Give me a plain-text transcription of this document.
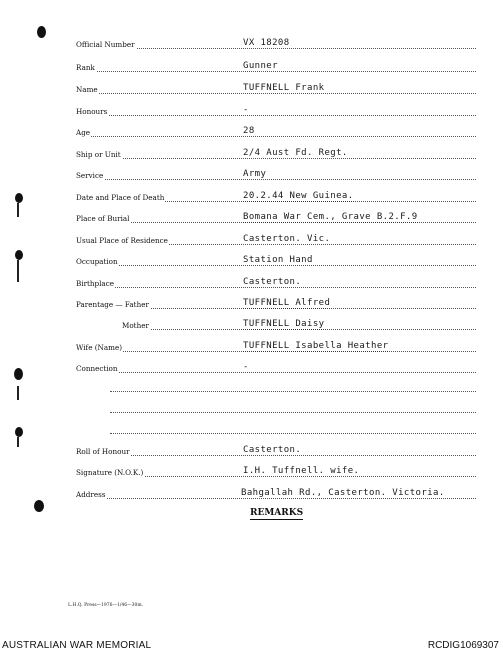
Official Number	VX 18208
Rank	Gunner
Name	TUFFNELL Frank
Honours	-
Age	28
Ship or Unit	2/4 Aust Fd. Regt.
Service	Army
Date and Place of Death	20.2.44 New Guinea.
Place of Burial	Bomana War Cem., Grave B.2.F.9
Usual Place of Residence	Casterton. Vic.
Occupation	Station Hand
Birthplace	Casterton.
Parentage — Father	TUFFNELL Alfred
Mother	TUFFNELL Daisy
Wife (Name)	TUFFNELL Isabella Heather
Connection	-
Roll of Honour	Casterton.
Signature (N.O.K.)	I.H. Tuffnell. wife.
Address	Bahgallah Rd., Casterton. Victoria.
REMARKS
L.H.Q. Press—1976—1/46—30m.
AUSTRALIAN WAR MEMORIAL	RCDIG1069307
